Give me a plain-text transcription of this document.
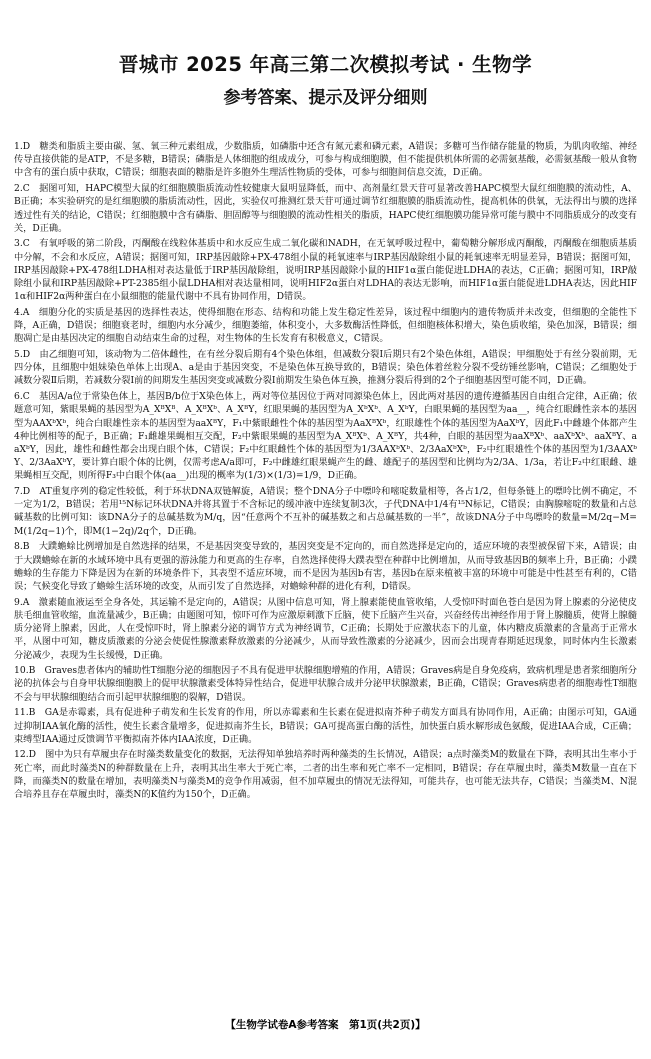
晋城市 2025 年高三第二次模拟考试 · 生物学
参考答案、提示及评分细则

1.D　糖类和脂质主要由碳、氢、氧三种元素组成，少数脂质，如磷脂中还含有氮元素和磷元素，A错误；多糖可当作储存能量的物质，为肌肉收缩、神经传导直接供能的是ATP，不是多糖，B错误；磷脂是人体细胞的组成成分，可参与构成细胞膜，但不能提供机体所需的必需氨基酸，必需氨基酸一般从食物中含有的蛋白质中获取，C错误；细胞表面的糖脂是许多胞外生理活性物质的受体，可参与细胞间信息交流，D正确。

2.C　据图可知，HAPC模型大鼠的红细胞膜脂质流动性较健康大鼠明显降低，而中、高剂量红景天苷可显著改善HAPC模型大鼠红细胞膜的流动性，A、B正确；本实验研究的是红细胞膜的脂质流动性，因此，实验仅可推测红景天苷可通过调节红细胞膜的脂质流动性，提高机体的供氧，无法得出与膜的选择透过性有关的结论，C错误；红细胞膜中含有磷脂、胆固醇等与细胞膜的流动性相关的脂质，HAPC使红细胞膜功能异常可能与膜中不同脂质成分的改变有关，D正确。

3.C　有氧呼吸的第二阶段，丙酮酸在线粒体基质中和水反应生成二氧化碳和NADH，在无氧呼吸过程中，葡萄糖分解形成丙酮酸，丙酮酸在细胞质基质中分解，不会和水反应，A错误；据图可知，IRP基因敲除+PX-478组小鼠的耗氧速率与IRP基因敲除组小鼠的耗氧速率无明显差异，B错误；据图可知，IRP基因敲除+PX-478组LDHA相对表达量低于IRP基因敲除组，说明IRP基因敲除小鼠的HIF1α蛋白能促进LDHA的表达，C正确；据图可知，IRP敲除组小鼠和IRP基因敲除+PT-2385组小鼠LDHA相对表达量相同，说明HIF2α蛋白对LDHA的表达无影响，而HIF1α蛋白能促进LDHA表达，因此HIF1α和HIF2α两种蛋白在小鼠细胞的能量代谢中不具有协同作用，D错误。

4.A　细胞分化的实质是基因的选择性表达，使得细胞在形态、结构和功能上发生稳定性差异，该过程中细胞内的遗传物质并未改变，但细胞的全能性下降，A正确，D错误；细胞衰老时，细胞内水分减少，细胞萎缩，体积变小，大多数酶活性降低，但细胞核体积增大，染色质收缩，染色加深，B错误；细胞凋亡是由基因决定的细胞自动结束生命的过程，对生物体的生长发育有积极意义，C错误。

5.D　由乙细胞可知，该动物为二倍体雌性，在有丝分裂后期有4个染色体组，但减数分裂Ⅰ后期只有2个染色体组，A错误；甲细胞处于有丝分裂前期，无四分体，且细胞中姐妹染色单体上出现A、a是由于基因突变，不是染色体互换导致的，B错误；染色体着丝粒分裂不受纺锤丝影响，C错误；乙细胞处于减数分裂Ⅱ后期，若减数分裂Ⅰ前的间期发生基因突变或减数分裂Ⅰ前期发生染色体互换，推测分裂后得到的2个子细胞基因型可能不同，D正确。

6.C　基因A/a位于常染色体上，基因B/b位于X染色体上，两对等位基因位于两对同源染色体上，因此两对基因的遗传遵循基因自由组合定律，A正确；依题意可知，紫眼果蝇的基因型为A_XᴮXᴮ、A_XᴮXᵇ、A_XᴮY，红眼果蝇的基因型为A_XᵇXᵇ、A_XᵇY，白眼果蝇的基因型为aa__，纯合红眼雌性亲本的基因型为AAXᵇXᵇ，纯合白眼雄性亲本的基因型为aaXᴮY，F₁中紫眼雌性个体的基因型为AaXᴮXᵇ，红眼雄性个体的基因型为AaXᵇY，因此F₁中雌雄个体都产生4种比例相等的配子，B正确；F₁雌雄果蝇相互交配，F₂中紫眼果蝇的基因型为A_XᴮXᵇ、A_XᴮY，共4种，白眼的基因型为aaXᴮXᵇ、aaXᵇXᵇ、aaXᴮY、aaXᵇY，因此，雄性和雌性都会出现白眼个体，C错误；F₂中红眼雌性个体的基因型为1/3AAXᵇXᵇ、2/3AaXᵇXᵇ，F₂中红眼雄性个体的基因型为1/3AAXᵇY、2/3AaXᵇY，要计算白眼个体的比例，仅需考虑A/a即可，F₂中雌雄红眼果蝇产生的雌、雄配子的基因型和比例均为2/3A、1/3a，若让F₂中红眼雌、雄果蝇相互交配，则所得F₃中白眼个体(aa__)出现的概率为(1/3)×(1/3)=1/9，D正确。

7.D　AT重复序列的稳定性较低，利于环状DNA双链解旋，A错误；整个DNA分子中嘌呤和嘧啶数量相等，各占1/2，但每条链上的嘌呤比例不确定，不一定为1/2，B错误；若用¹⁵N标记环状DNA并将其置于不含标记的缓冲液中连续复制3次，子代DNA中1/4有¹⁵N标记，C错误；由胸腺嘧啶的数量和占总碱基数的比例可知：该DNA分子的总碱基数为M/q，因“任意两个不互补的碱基数之和占总碱基数的一半”，故该DNA分子中鸟嘌呤的数量=M/2q−M=M(1/2q−1)个，即M(1−2q)/2q个，D正确。

8.B　大蹼蟾蜍比例增加是自然选择的结果，不是基因突变导致的，基因突变是不定向的，而自然选择是定向的，适应环境的表型被保留下来，A错误；由于大蹼蟾蜍在新的水域环境中具有更强的游泳能力和更高的生存率，自然选择使得大蹼表型在种群中比例增加，从而导致基因B的频率上升，B正确；小蹼蟾蜍的生存能力下降是因为在新的环境条件下，其表型不适应环境，而不是因为基因b有害，基因b在原来植被丰富的环境中可能是中性甚至有利的，C错误；气候变化导致了蟾蜍生活环境的改变，从而引发了自然选择，对蟾蜍种群的进化有利，D错误。

9.A　激素随血液运至全身各处，其运输不是定向的，A错误；从图中信息可知，肾上腺素能使血管收缩，人受惊吓时面色苍白是因为肾上腺素的分泌使皮肤毛细血管收缩，血流量减少，B正确；由题图可知，惊吓可作为应激原刺激下丘脑，使下丘脑产生兴奋，兴奋经传出神经作用于肾上腺髓质，使肾上腺髓质分泌肾上腺素，因此，人在受惊吓时，肾上腺素分泌的调节方式为神经调节，C正确；长期处于应激状态下的儿童，体内糖皮质激素的含量高于正常水平，从图中可知，糖皮质激素的分泌会使促性腺激素释放激素的分泌减少，从而导致性激素的分泌减少，因而会出现青春期延迟现象，同时体内生长激素分泌减少，表现为生长缓慢，D正确。

10.B　Graves患者体内的辅助性T细胞分泌的细胞因子不具有促进甲状腺细胞增殖的作用，A错误；Graves病是自身免疫病，致病机理是患者浆细胞所分泌的抗体会与自身甲状腺细胞膜上的促甲状腺激素受体特异性结合，促进甲状腺合成并分泌甲状腺激素，B正确，C错误；Graves病患者的细胞毒性T细胞不会与甲状腺细胞结合而引起甲状腺细胞的裂解，D错误。

11.B　GA是赤霉素，具有促进种子萌发和生长发育的作用，所以赤霉素和生长素在促进拟南芥种子萌发方面具有协同作用，A正确；由图示可知，GA通过抑制IAA氧化酶的活性，使生长素含量增多，促进拟南芥生长，B错误；GA可提高蛋白酶的活性，加快蛋白质水解形成色氨酸，促进IAA合成，C正确；束缚型IAA通过反馈调节平衡拟南芥体内IAA浓度，D正确。

12.D　图中为只有草履虫存在时藻类数量变化的数据，无法得知单独培养时两种藻类的生长情况，A错误；a点时藻类M的数量在下降，表明其出生率小于死亡率，而此时藻类N的种群数量在上升，表明其出生率大于死亡率，二者的出生率和死亡率不一定相同，B错误；存在草履虫时，藻类M数量一直在下降，而藻类N的数量在增加，表明藻类N与藻类M的竞争作用减弱，但不加草履虫的情况无法得知，可能共存，也可能无法共存，C错误；当藻类M、N混合培养且存在草履虫时，藻类N的K值约为150个，D正确。

【生物学试卷A参考答案　第1页(共2页)】
